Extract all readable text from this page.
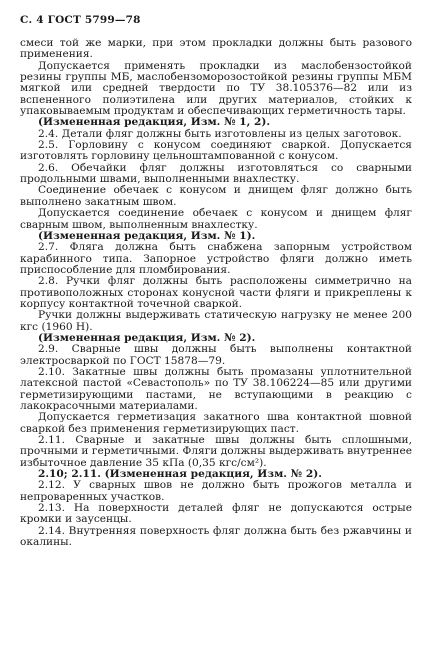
С. 4 ГОСТ 5799—78

смеси той же марки, при этом прокладки должны быть разового применения.

Допускается применять прокладки из маслобензостойкой резины группы МБ, маслобензоморозостойкой резины группы МБМ мягкой или средней твердости по ТУ 38.105376—82 или из вспененного полиэтилена или других материалов, стойких к упаковываемым продуктам и обеспечивающих герметичность тары.

(Измененная редакция, Изм. № 1, 2).

2.4. Детали фляг должны быть изготовлены из целых заготовок.

2.5. Горловину с конусом соединяют сваркой. Допускается изготовлять горловину цельноштампованной с конусом.

2.6. Обечайки фляг должны изготовляться со сварными продольными швами, выполненными внахлестку.

Соединение обечаек с конусом и днищем фляг должно быть выполнено закатным швом.

Допускается соединение обечаек с конусом и днищем фляг сварным швом, выполненным внахлестку.

(Измененная редакция, Изм. № 1).

2.7. Фляга должна быть снабжена запорным устройством карабинного типа. Запорное устройство фляги должно иметь приспособление для пломбирования.

2.8. Ручки фляг должны быть расположены симметрично на противоположных сторонах конусной части фляги и прикреплены к корпусу контактной точечной сваркой.

Ручки должны выдерживать статическую нагрузку не менее 200 кгс (1960 Н).

(Измененная редакция, Изм. № 2).

2.9. Сварные швы должны быть выполнены контактной электросваркой по ГОСТ 15878—79.

2.10. Закатные швы должны быть промазаны уплотнительной латексной пастой «Севастополь» по ТУ 38.106224—85 или другими герметизирующими пастами, не вступающими в реакцию с лакокрасочными материалами.

Допускается герметизация закатного шва контактной шовной сваркой без применения герметизирующих паст.

2.11. Сварные и закатные швы должны быть сплошными, прочными и герметичными. Фляги должны выдерживать внутреннее избыточное давление 35 кПа (0,35 кгс/см²).

2.10; 2.11. (Измененная редакция, Изм. № 2).

2.12. У сварных швов не должно быть прожогов металла и непроваренных участков.

2.13. На поверхности деталей фляг не допускаются острые кромки и заусенцы.

2.14. Внутренняя поверхность фляг должна быть без ржавчины и окалины.
